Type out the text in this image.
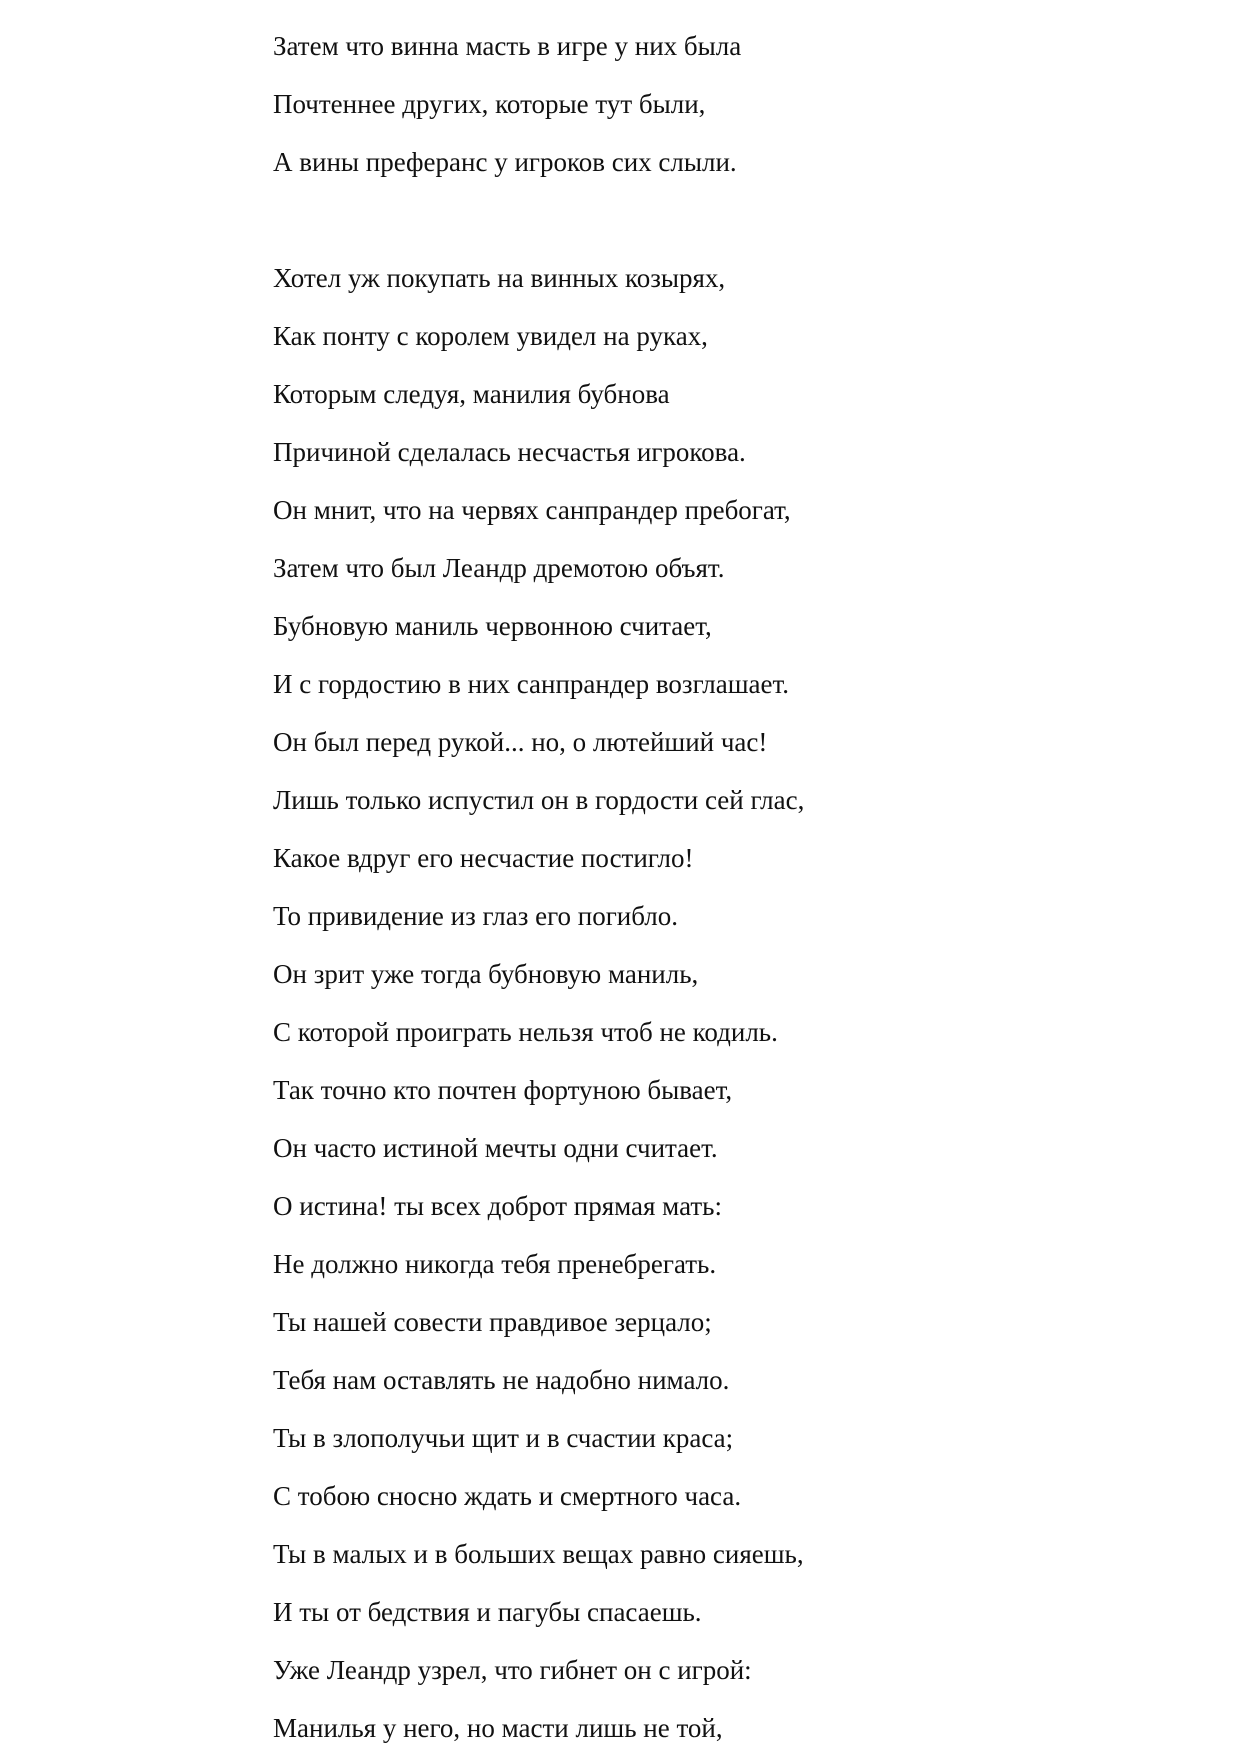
Затем что винна масть в игре у них была
Почтеннее других, которые тут были,
А вины преферанс у игроков сих слыли.
Хотел уж покупать на винных козырях,
Как понту с королем увидел на руках,
Которым следуя, манилия бубнова
Причиной сделалась несчастья игрокова.
Он мнит, что на червях санпрандер пребогат,
Затем что был Леандр дремотою объят.
Бубновую маниль червонною считает,
И с гордостию в них санпрандер возглашает.
Он был перед рукой... но, о лютейший час!
Лишь только испустил он в гордости сей глас,
Какое вдруг его несчастие постигло!
То привидение из глаз его погибло.
Он зрит уже тогда бубновую маниль,
С которой проиграть нельзя чтоб не кодиль.
Так точно кто почтен фортуною бывает,
Он часто истиной мечты одни считает.
О истина! ты всех доброт прямая мать:
Не должно никогда тебя пренебрегать.
Ты нашей совести правдивое зерцало;
Тебя нам оставлять не надобно нимало.
Ты в злополучьи щит и в счастии краса;
С тобою сносно ждать и смертного часа.
Ты в малых и в больших вещах равно сияешь,
И ты от бедствия и пагубы спасаешь.
Уже Леандр узрел, что гибнет он с игрой:
Манилья у него, но масти лишь не той,
